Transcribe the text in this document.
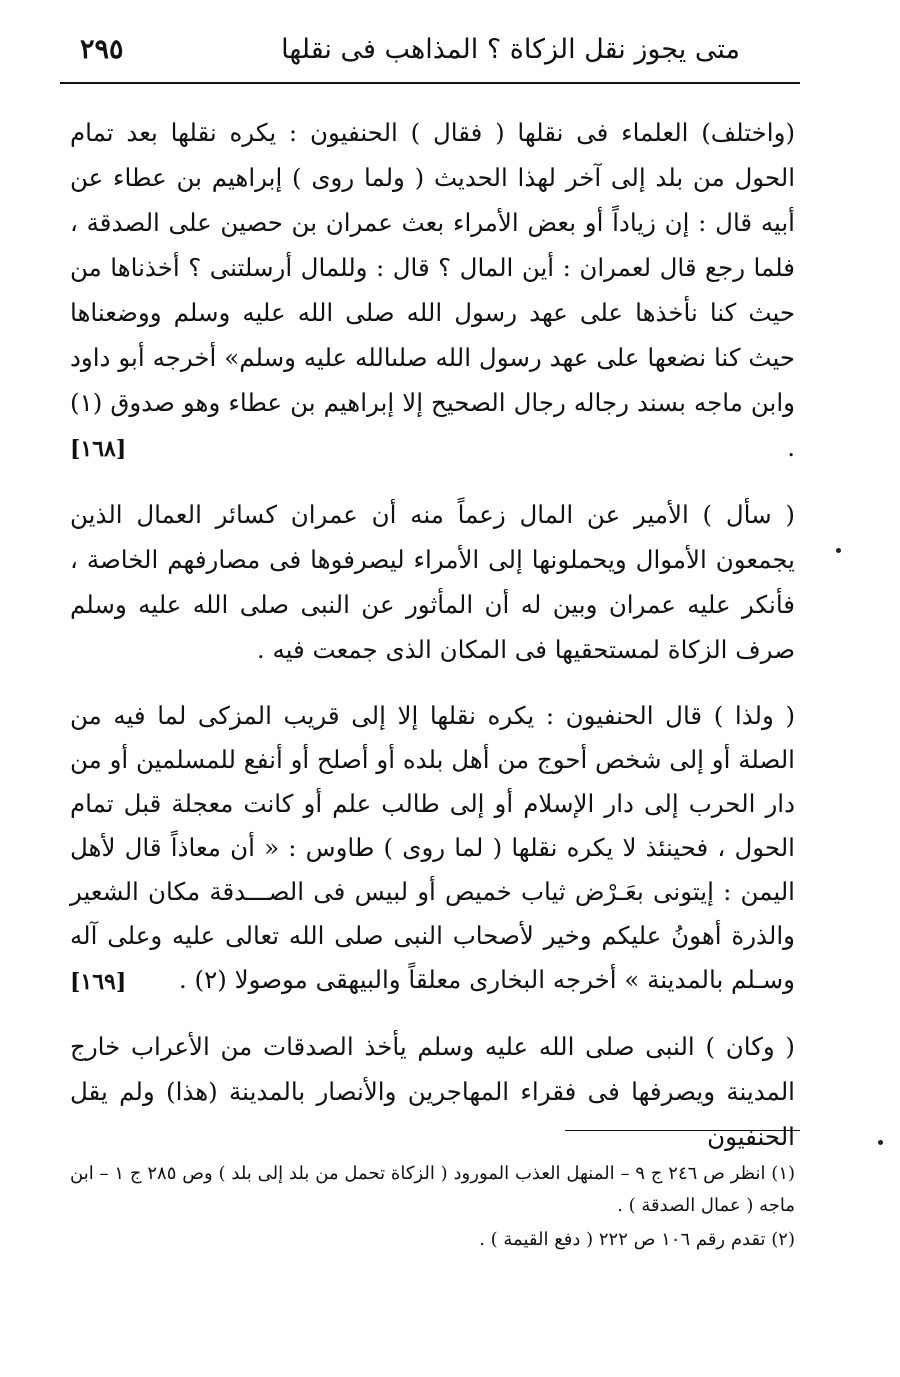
متى يجوز نقل الزكاة ؟ المذاهب فى نقلها
٢٩٥

(واختلف) العلماء فى نقلها ( فقال ) الحنفيون : يكره نقلها بعد تمام الحول من بلد إلى آخر لهذا الحديث ( ولما روى ) إبراهيم بن عطاء عن أبيه قال : إن زياداً أو بعض الأمراء بعث عمران بن حصين على الصدقة ، فلما رجع قال لعمران : أين المال ؟ قال : وللمال أرسلتنى ؟ أخذناها من حيث كنا نأخذها على عهد رسول الله صلى الله عليه وسلم ووضعناها حيث كنا نضعها على عهد رسول الله صلىالله عليه وسلم» أخرجه أبو داود وابن ماجه بسند رجاله رجال الصحيح إلا إبراهيم بن عطاء وهو صدوق (١) .
[١٦٨]

( سأل ) الأمير عن المال زعماً منه أن عمران كسائر العمال الذين يجمعون الأموال ويحملونها إلى الأمراء ليصرفوها فى مصارفهم الخاصة ، فأنكر عليه عمران وبين له أن المأثور عن النبى صلى الله عليه وسلم صرف الزكاة لمستحقيها فى المكان الذى جمعت فيه .

( ولذا ) قال الحنفيون : يكره نقلها إلا إلى قريب المزكى لما فيه من الصلة أو إلى شخص أحوج من أهل بلده أو أصلح أو أنفع للمسلمين أو من دار الحرب إلى دار الإسلام أو إلى طالب علم أو كانت معجلة قبل تمام الحول ، فحينئذ لا يكره نقلها ( لما روى ) طاوس : « أن معاذاً قال لأهل اليمن : إيتونى بعَـرْض ثياب خميص أو لبيس فى الصـــدقة مكان الشعير والذرة أهونُ عليكم وخير لأصحاب النبى صلى الله تعالى عليه وعلى آله وسـلم بالمدينة » أخرجه البخارى معلقاً والبيهقى موصولا (٢) .
[١٦٩]

( وكان ) النبى صلى الله عليه وسلم يأخذ الصدقات من الأعراب خارج المدينة ويصرفها فى فقراء المهاجرين والأنصار بالمدينة (هذا) ولم يقل الحنفيون

(١) انظر ص ٢٤٦ ج ٩ – المنهل العذب المورود ( الزكاة تحمل من بلد إلى بلد ) وص ٢٨٥ ج ١ – ابن ماجه ( عمال الصدقة ) .

(٢) تقدم رقم ١٠٦ ص ٢٢٢ ( دفع القيمة ) .
